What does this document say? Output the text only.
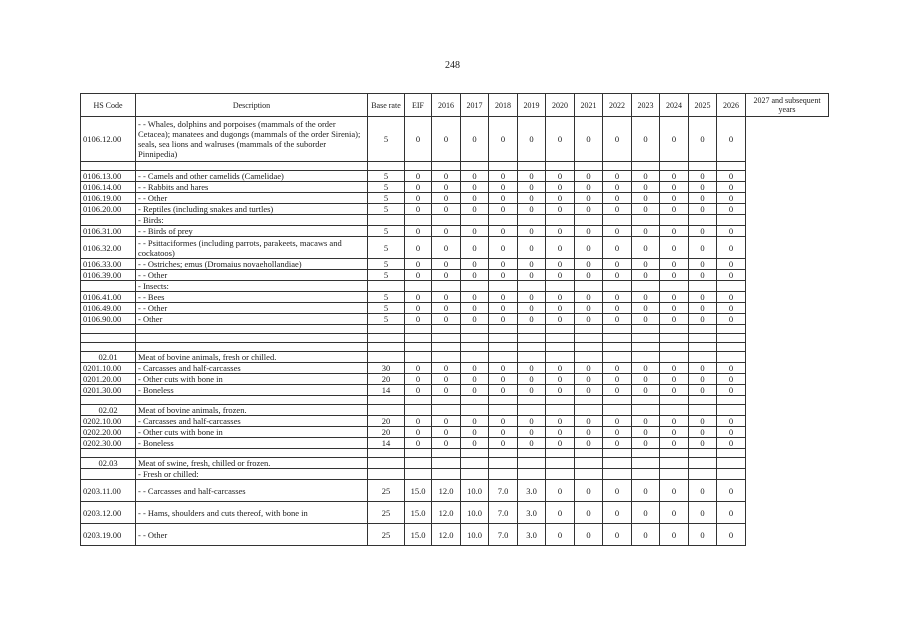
248
HS Code	Description	Base rate	EIF	2016	2017	2018	2019	2020	2021	2022	2023	2024	2025	2026	2027 and subsequent years
0106.12.00	- - Whales, dolphins and porpoises (mammals of the order Cetacea); manatees and dugongs (mammals of the order Sirenia); seals, sea lions and walruses (mammals of the suborder Pinnipedia)	5	0	0	0	0	0	0	0	0	0	0	0	0	

0106.13.00	- - Camels and other camelids (Camelidae)	5	0	0	0	0	0	0	0	0	0	0	0	0	
0106.14.00	- - Rabbits and hares	5	0	0	0	0	0	0	0	0	0	0	0	0	
0106.19.00	- - Other	5	0	0	0	0	0	0	0	0	0	0	0	0	
0106.20.00	- Reptiles (including snakes and turtles)	5	0	0	0	0	0	0	0	0	0	0	0	0	
	- Birds:														
0106.31.00	- - Birds of prey	5	0	0	0	0	0	0	0	0	0	0	0	0	
0106.32.00	- - Psittaciformes (including parrots, parakeets, macaws and cockatoos)	5	0	0	0	0	0	0	0	0	0	0	0	0	
0106.33.00	- - Ostriches; emus (Dromaius novaehollandiae)	5	0	0	0	0	0	0	0	0	0	0	0	0	
0106.39.00	- - Other	5	0	0	0	0	0	0	0	0	0	0	0	0	
	- Insects:														
0106.41.00	- - Bees	5	0	0	0	0	0	0	0	0	0	0	0	0	
0106.49.00	- - Other	5	0	0	0	0	0	0	0	0	0	0	0	0	
0106.90.00	- Other	5	0	0	0	0	0	0	0	0	0	0	0	0	

02.01	Meat of bovine animals, fresh or chilled.														
0201.10.00	- Carcasses and half-carcasses	30	0	0	0	0	0	0	0	0	0	0	0	0	
0201.20.00	- Other cuts with bone in	20	0	0	0	0	0	0	0	0	0	0	0	0	
0201.30.00	- Boneless	14	0	0	0	0	0	0	0	0	0	0	0	0	

02.02	Meat of bovine animals, frozen.														
0202.10.00	- Carcasses and half-carcasses	20	0	0	0	0	0	0	0	0	0	0	0	0	
0202.20.00	- Other cuts with bone in	20	0	0	0	0	0	0	0	0	0	0	0	0	
0202.30.00	- Boneless	14	0	0	0	0	0	0	0	0	0	0	0	0	

02.03	Meat of swine, fresh, chilled or frozen.														
	- Fresh or chilled:														
0203.11.00	- - Carcasses and half-carcasses	25	15.0	12.0	10.0	7.0	3.0	0	0	0	0	0	0	0	
0203.12.00	- - Hams, shoulders and cuts thereof, with bone in	25	15.0	12.0	10.0	7.0	3.0	0	0	0	0	0	0	0	
0203.19.00	- - Other	25	15.0	12.0	10.0	7.0	3.0	0	0	0	0	0	0	0	
